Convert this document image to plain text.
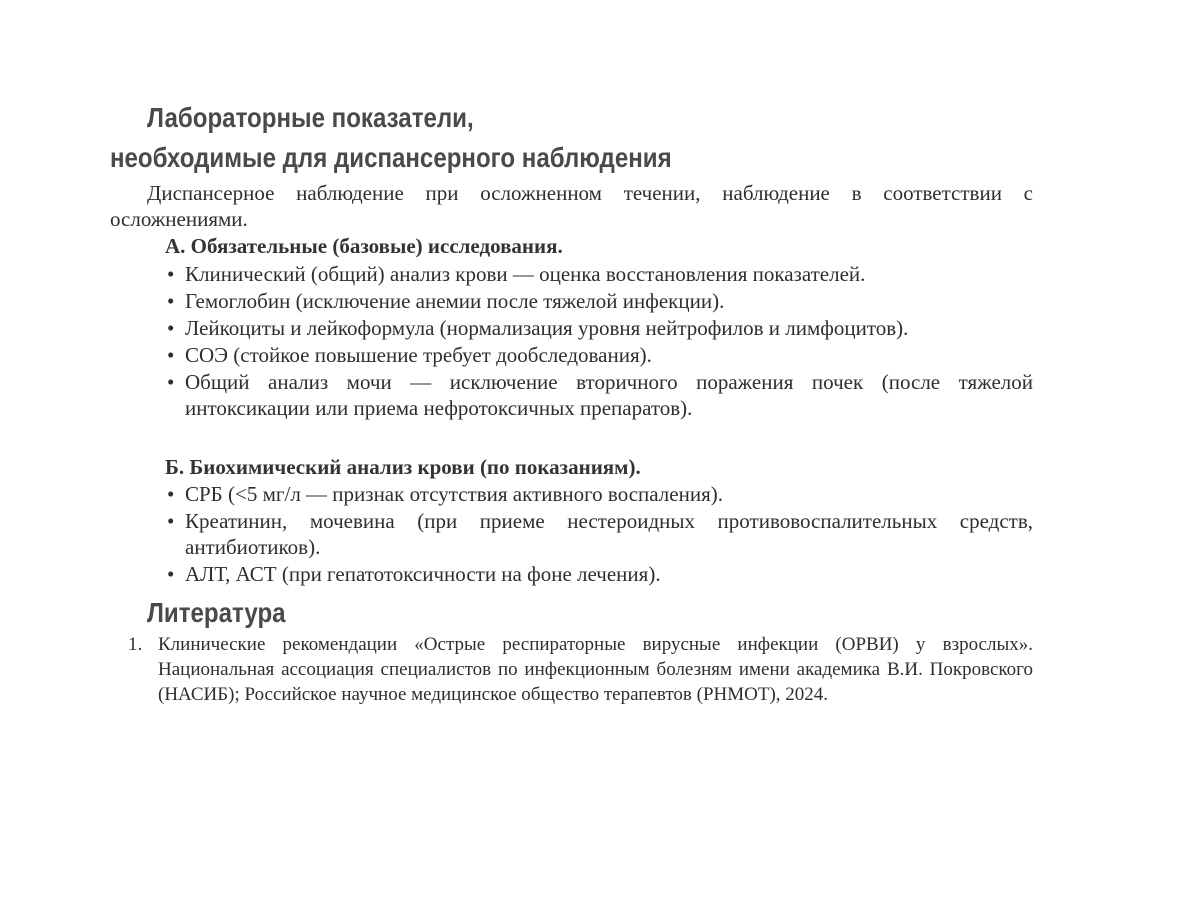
Лабораторные показатели,
необходимые для диспансерного наблюдения

Диспансерное наблюдение при осложненном течении, наблюдение в соответствии с осложнениями.

А. Обязательные (базовые) исследования.

• Клинический (общий) анализ крови — оценка восстановления показателей.
• Гемоглобин (исключение анемии после тяжелой инфекции).
• Лейкоциты и лейкоформула (нормализация уровня нейтрофилов и лимфоцитов).
• СОЭ (стойкое повышение требует дообследования).
• Общий анализ мочи — исключение вторичного поражения почек (после тяжелой интоксикации или приема нефротоксичных препаратов).

Б. Биохимический анализ крови (по показаниям).

• СРБ (<5 мг/л — признак отсутствия активного воспаления).
• Креатинин, мочевина (при приеме нестероидных противовоспалительных средств, антибиотиков).
• АЛТ, АСТ (при гепатотоксичности на фоне лечения).
Литература
1. Клинические рекомендации «Острые респираторные вирусные инфекции (ОРВИ) у взрослых». Национальная ассоциация специалистов по инфекционным болезням имени академика В.И. Покровского (НАСИБ); Российское научное медицинское общество терапевтов (РНМОТ), 2024.
